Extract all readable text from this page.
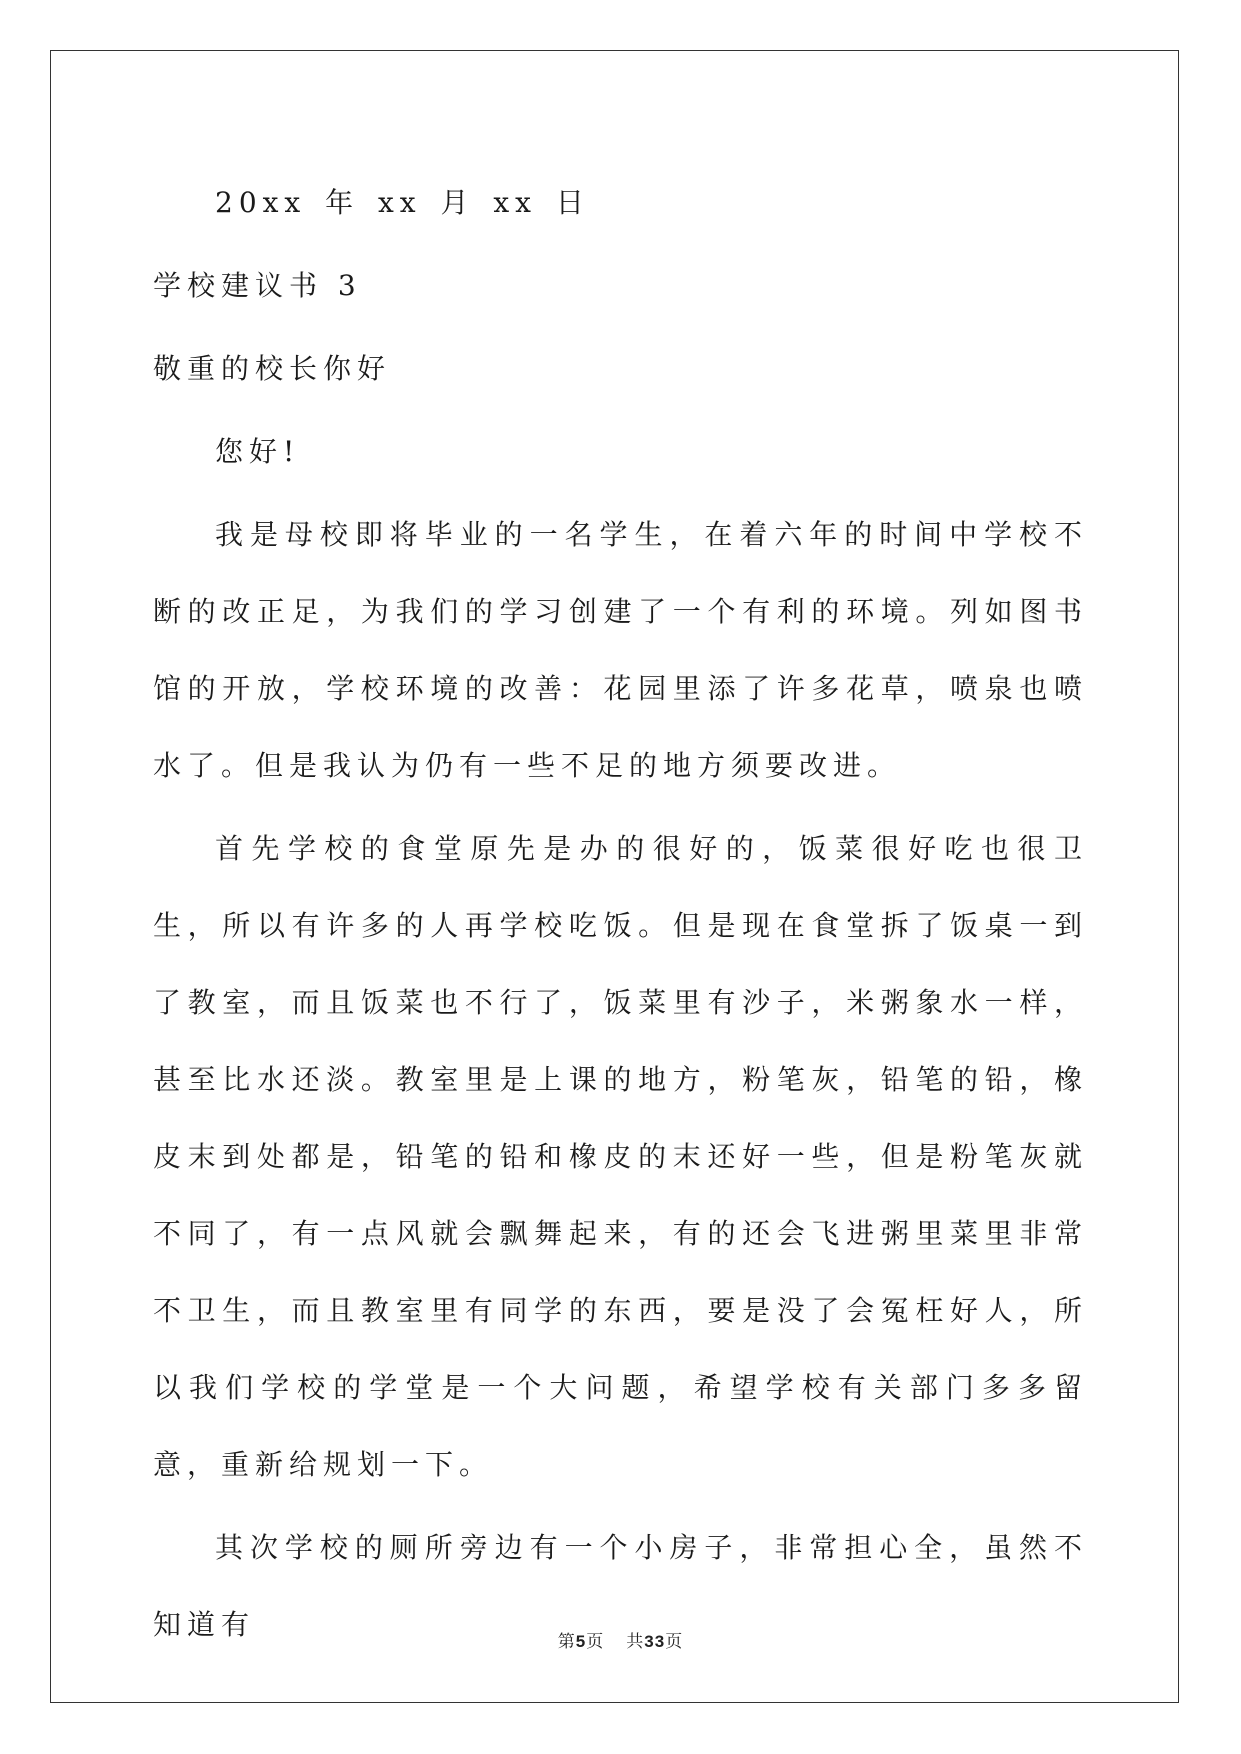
20xx 年 xx 月 xx 日

学校建议书 3

敬重的校长你好

您好!

我是母校即将毕业的一名学生，在着六年的时间中学校不断的改正足，为我们的学习创建了一个有利的环境。列如图书馆的开放，学校环境的改善：花园里添了许多花草，喷泉也喷水了。但是我认为仍有一些不足的地方须要改进。

首先学校的食堂原先是办的很好的，饭菜很好吃也很卫生，所以有许多的人再学校吃饭。但是现在食堂拆了饭桌一到了教室，而且饭菜也不行了，饭菜里有沙子，米粥象水一样，甚至比水还淡。教室里是上课的地方，粉笔灰，铅笔的铅，橡皮末到处都是，铅笔的铅和橡皮的末还好一些，但是粉笔灰就不同了，有一点风就会飘舞起来，有的还会飞进粥里菜里非常不卫生，而且教室里有同学的东西，要是没了会冤枉好人，所以我们学校的学堂是一个大问题，希望学校有关部门多多留意，重新给规划一下。

其次学校的厕所旁边有一个小房子，非常担心全，虽然不知道有

第5页 共33页
